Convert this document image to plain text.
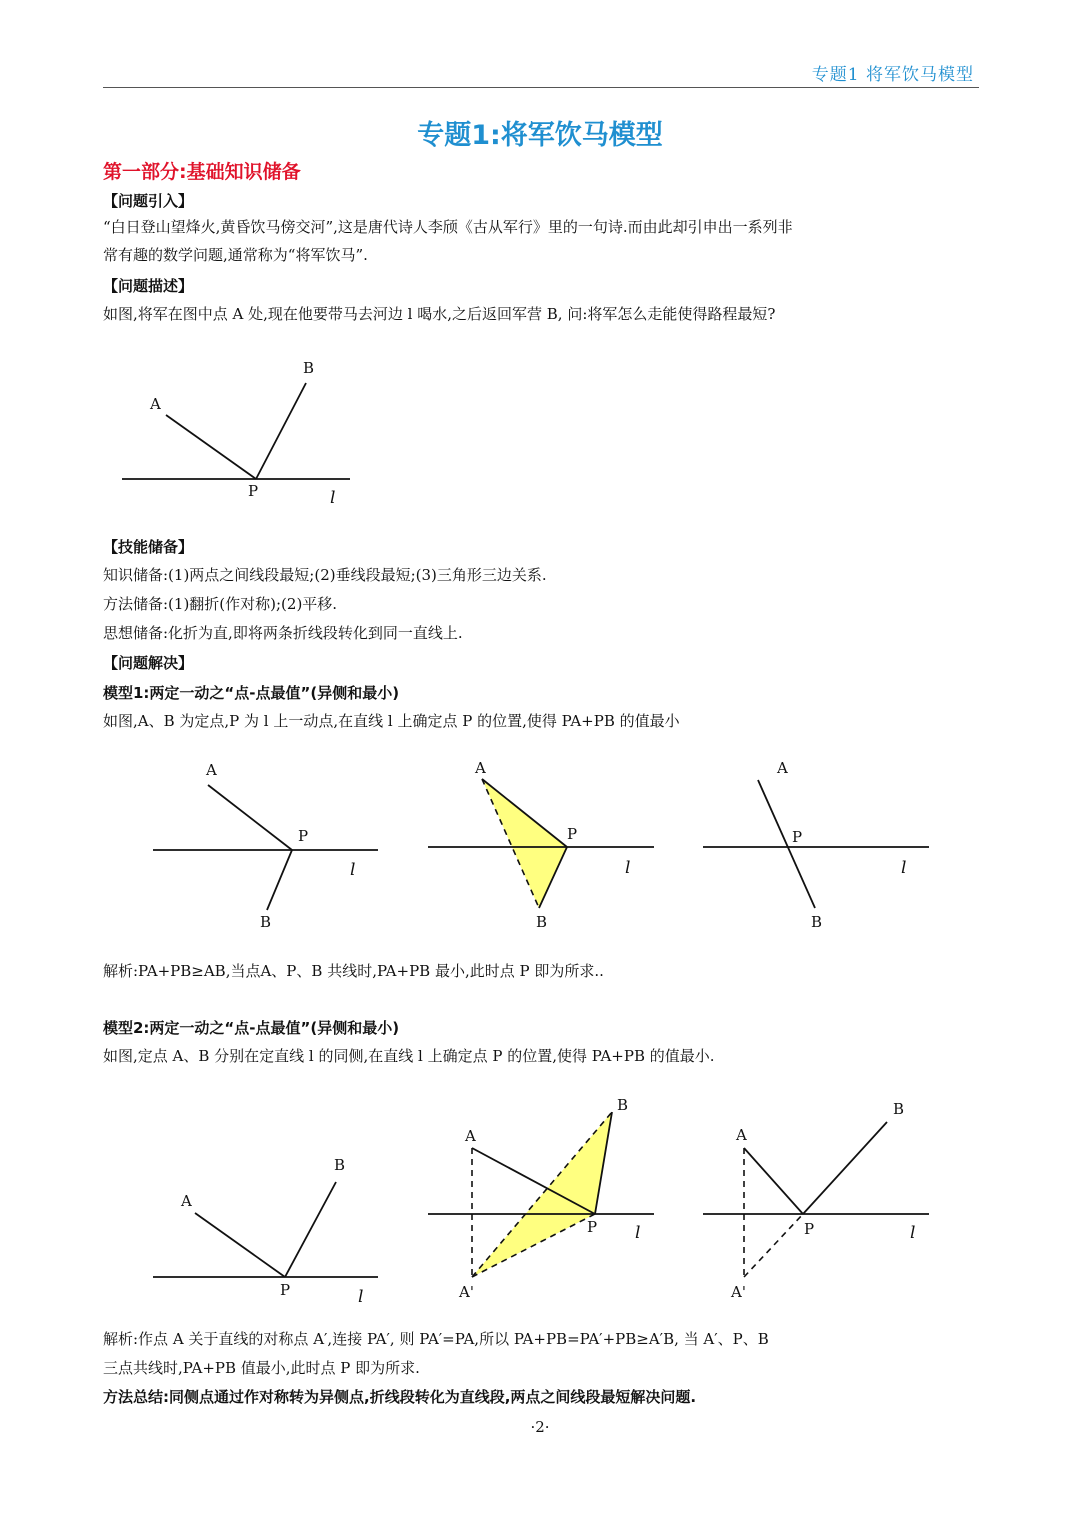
专题1 将军饮马模型
专题1:将军饮马模型
第一部分:基础知识储备
【问题引入】
“白日登山望烽火,黄昏饮马傍交河”,这是唐代诗人李颀《古从军行》里的一句诗.而由此却引申出一系列非
常有趣的数学问题,通常称为“将军饮马”.
【问题描述】
如图,将军在图中点 A 处,现在他要带马去河边 l 喝水,之后返回军营 B, 问:将军怎么走能使得路程最短?
A
B
P	l
【技能储备】
知识储备:(1)两点之间线段最短;(2)垂线段最短;(3)三角形三边关系.
方法储备:(1)翻折(作对称);(2)平移.
思想储备:化折为直,即将两条折线段转化到同一直线上.
【问题解决】
模型1:两定一动之“点-点最值”(异侧和最小)
如图,A、B 为定点,P 为 l 上一动点,在直线 l 上确定点 P 的位置,使得 PA+PB 的值最小
A
P
B
l
A
P
B
l
A
P
B
l
解析:PA+PB≥AB,当点A、P、B 共线时,PA+PB 最小,此时点 P 即为所求..
模型2:两定一动之“点-点最值”(异侧和最小)
如图,定点 A、B 分别在定直线 l 的同侧,在直线 l 上确定点 P 的位置,使得 PA+PB 的值最小.
A
B
P	l
A
B
P l
A'
A
B
P	l
A'
解析:作点 A 关于直线的对称点 A′,连接 PA′, 则 PA′=PA,所以 PA+PB=PA′+PB≥A′B, 当 A′、P、B
三点共线时,PA+PB 值最小,此时点 P 即为所求.
方法总结:同侧点通过作对称转为异侧点,折线段转化为直线段,两点之间线段最短解决问题.
·2·
